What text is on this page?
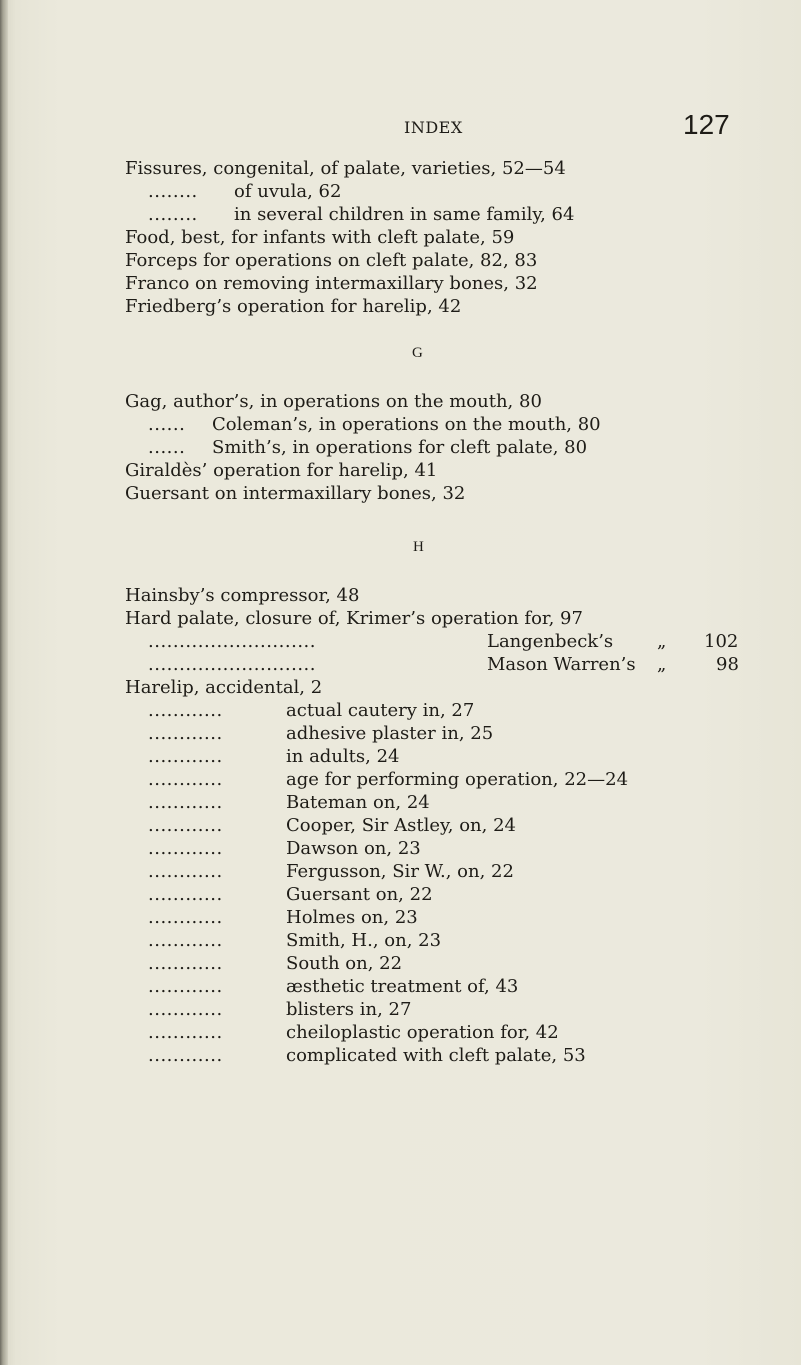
INDEX	127
Fissures, congenital, of palate, varieties, 52—54
........ of uvula, 62
........ in several children in same family, 64
Food, best, for infants with cleft palate, 59
Forceps for operations on cleft palate, 82, 83
Franco on removing intermaxillary bones, 32
Friedberg’s operation for harelip, 42
G
Gag, author’s, in operations on the mouth, 80
...... Coleman’s, in operations on the mouth, 80
...... Smith’s, in operations for cleft palate, 80
Giraldès’ operation for harelip, 41
Guersant on intermaxillary bones, 32
H
Hainsby’s compressor, 48
Hard palate, closure of, Krimer’s operation for, 97
...........................	Langenbeck’s „ 102
...........................	Mason Warren’s „	98
Harelip, accidental, 2
............	actual cautery in, 27
............	adhesive plaster in, 25
............	in adults, 24
............	age for performing operation, 22—24
............	Bateman on, 24
............	Cooper, Sir Astley, on, 24
............	Dawson on, 23
............	Fergusson, Sir W., on, 22
............	Guersant on, 22
............	Holmes on, 23
............	Smith, H., on, 23
............	South on, 22
............	æsthetic treatment of, 43
............	blisters in, 27
............	cheiloplastic operation for, 42
............	complicated with cleft palate, 53
